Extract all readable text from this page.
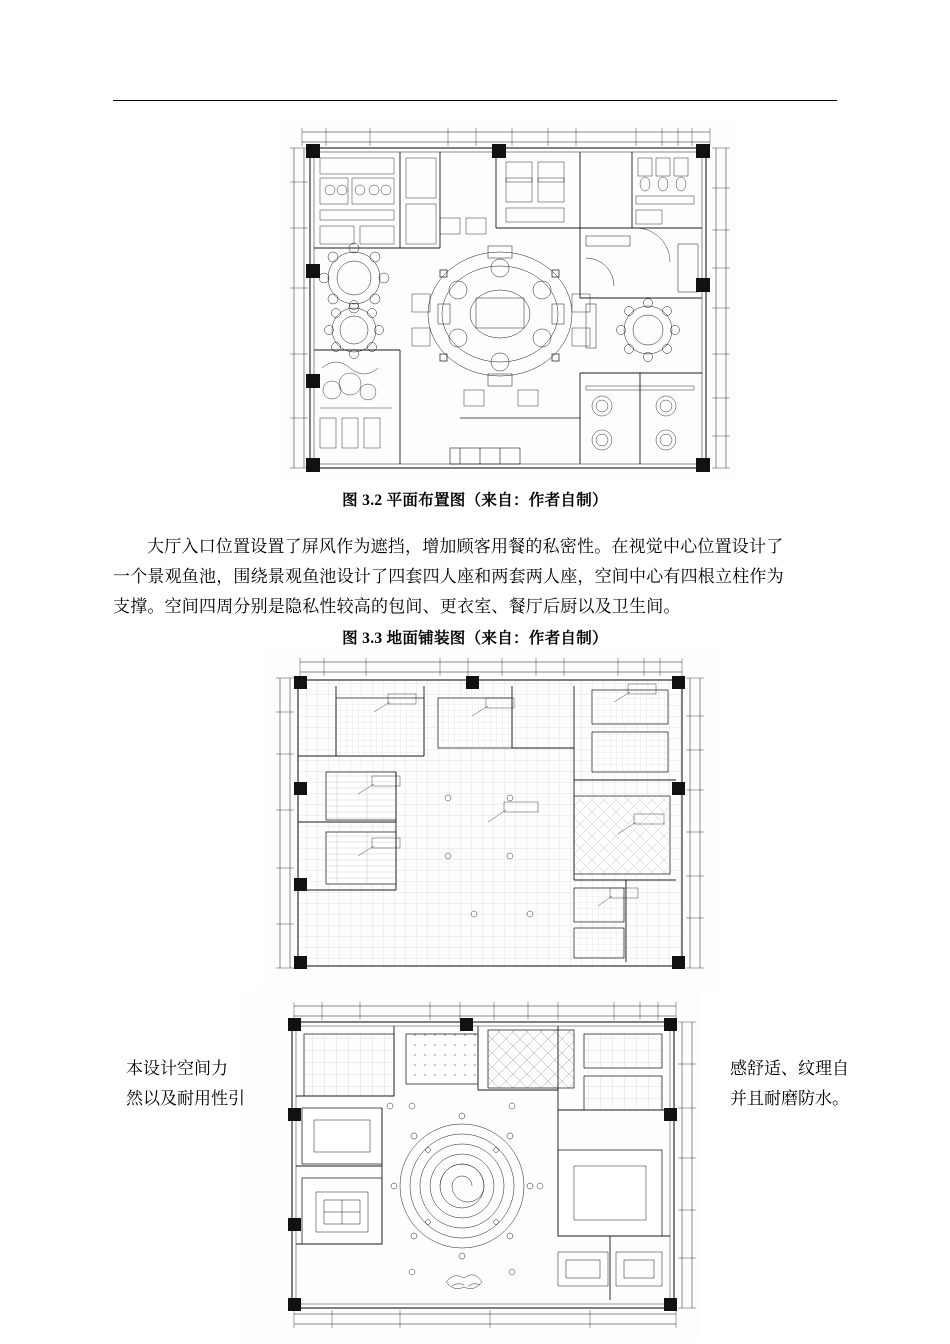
图 3.2 平面布置图（来自：作者自制）

大厅入口位置设置了屏风作为遮挡，增加顾客用餐的私密性。在视觉中心位置设计了

一个景观鱼池，围绕景观鱼池设计了四套四人座和两套两人座，空间中心有四根立柱作为

支撑。空间四周分别是隐私性较高的包间、更衣室、餐厅后厨以及卫生间。

图 3.3 地面铺装图（来自：作者自制）
本设计空间力	感舒适、纹理自
然以及耐用性引	并且耐磨防水。
